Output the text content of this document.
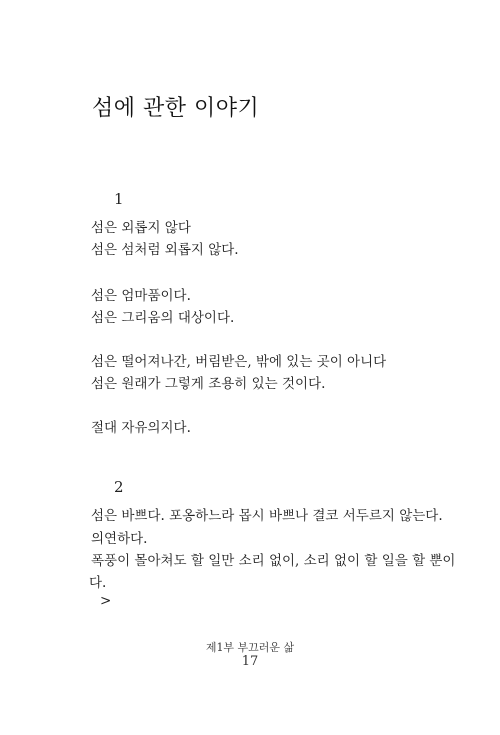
섬에 관한 이야기
1
섬은 외롭지 않다
섬은 섬처럼 외롭지 않다.
섬은 엄마품이다.
섬은 그리움의 대상이다.
섬은 떨어져나간, 버림받은, 밖에 있는 곳이 아니다
섬은 원래가 그렇게 조용히 있는 것이다.
절대 자유의지다.
2
섬은 바쁘다. 포옹하느라 몹시 바쁘나 결코 서두르지 않는다.
의연하다.
폭풍이 몰아쳐도 할 일만 소리 없이, 소리 없이 할 일을 할 뿐이
다.
>
제1부 부끄러운 삶
17
